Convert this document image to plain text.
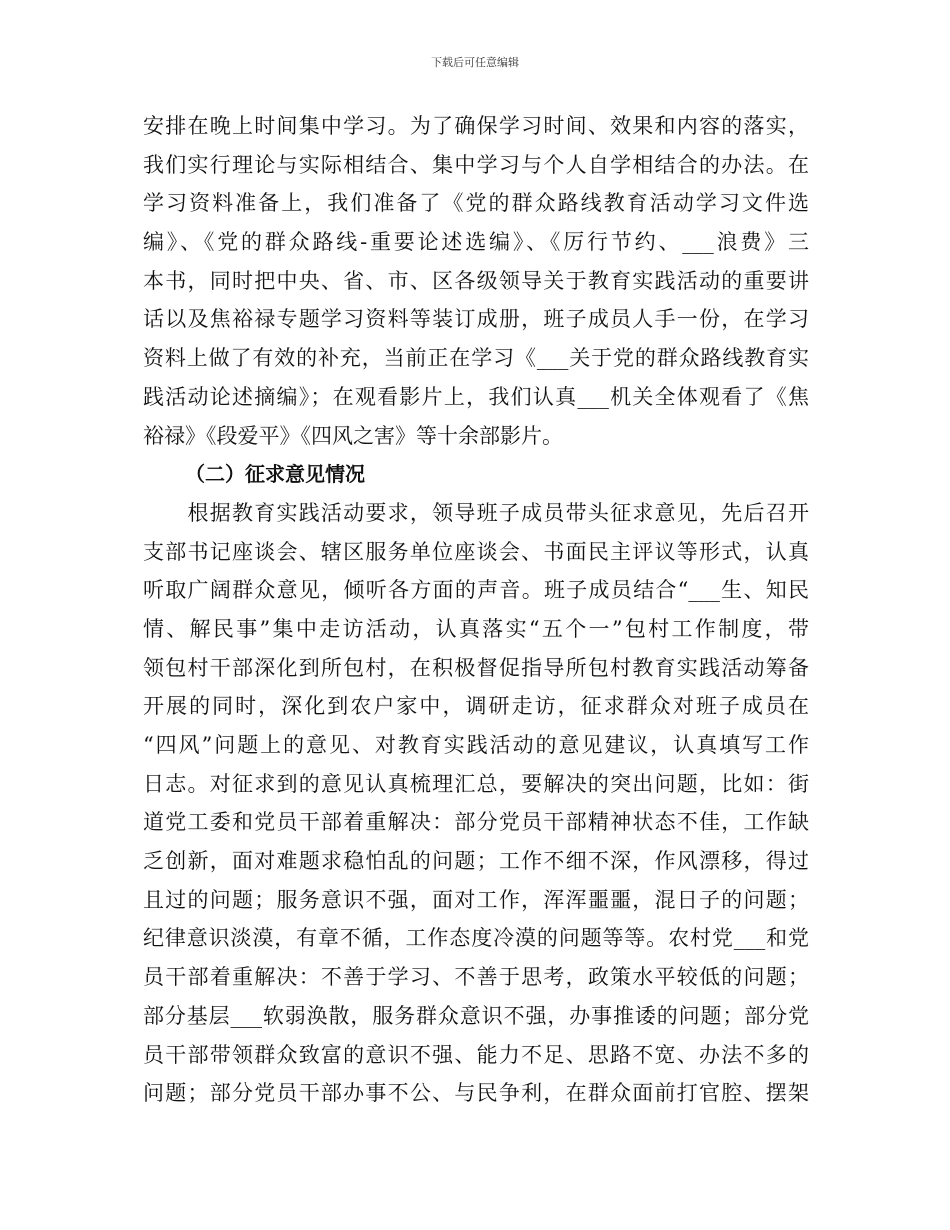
下载后可任意编辑
安排在晚上时间集中学习。为了确保学习时间、效果和内容的落实，
我们实行理论与实际相结合、集中学习与个人自学相结合的办法。在
学习资料准备上，我们准备了《党的群众路线教育活动学习文件选
编》、《党的群众路线-重要论述选编》、《厉行节约、___浪费》三
本书，同时把中央、省、市、区各级领导关于教育实践活动的重要讲
话以及焦裕禄专题学习资料等装订成册，班子成员人手一份，在学习
资料上做了有效的补充，当前正在学习《___关于党的群众路线教育实
践活动论述摘编》；在观看影片上，我们认真___机关全体观看了《焦
裕禄》《段爱平》《四风之害》等十余部影片。
（二）征求意见情况
　　根据教育实践活动要求，领导班子成员带头征求意见，先后召开
支部书记座谈会、辖区服务单位座谈会、书面民主评议等形式，认真
听取广阔群众意见，倾听各方面的声音。班子成员结合“___生、知民
情、解民事”集中走访活动，认真落实“五个一”包村工作制度，带
领包村干部深化到所包村，在积极督促指导所包村教育实践活动筹备
开展的同时，深化到农户家中，调研走访，征求群众对班子成员在
“四风”问题上的意见、对教育实践活动的意见建议，认真填写工作
日志。对征求到的意见认真梳理汇总，要解决的突出问题，比如：街
道党工委和党员干部着重解决：部分党员干部精神状态不佳，工作缺
乏创新，面对难题求稳怕乱的问题；工作不细不深，作风漂移，得过
且过的问题；服务意识不强，面对工作，浑浑噩噩，混日子的问题；
纪律意识淡漠，有章不循，工作态度冷漠的问题等等。农村党___和党
员干部着重解决：不善于学习、不善于思考，政策水平较低的问题；
部分基层___软弱涣散，服务群众意识不强，办事推诿的问题；部分党
员干部带领群众致富的意识不强、能力不足、思路不宽、办法不多的
问题；部分党员干部办事不公、与民争利，在群众面前打官腔、摆架
